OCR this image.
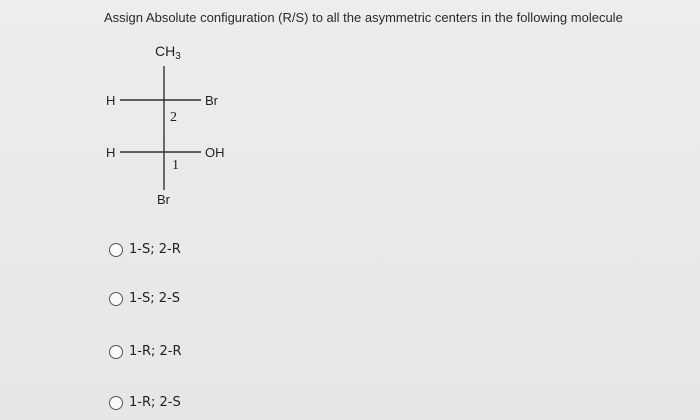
Assign Absolute configuration (R/S) to all the asymmetric centers in the following molecule
$CH_3$
H	Br
2
H	OH
1
Br
1-S; 2-R
1-S; 2-S
1-R; 2-R
1-R; 2-S
